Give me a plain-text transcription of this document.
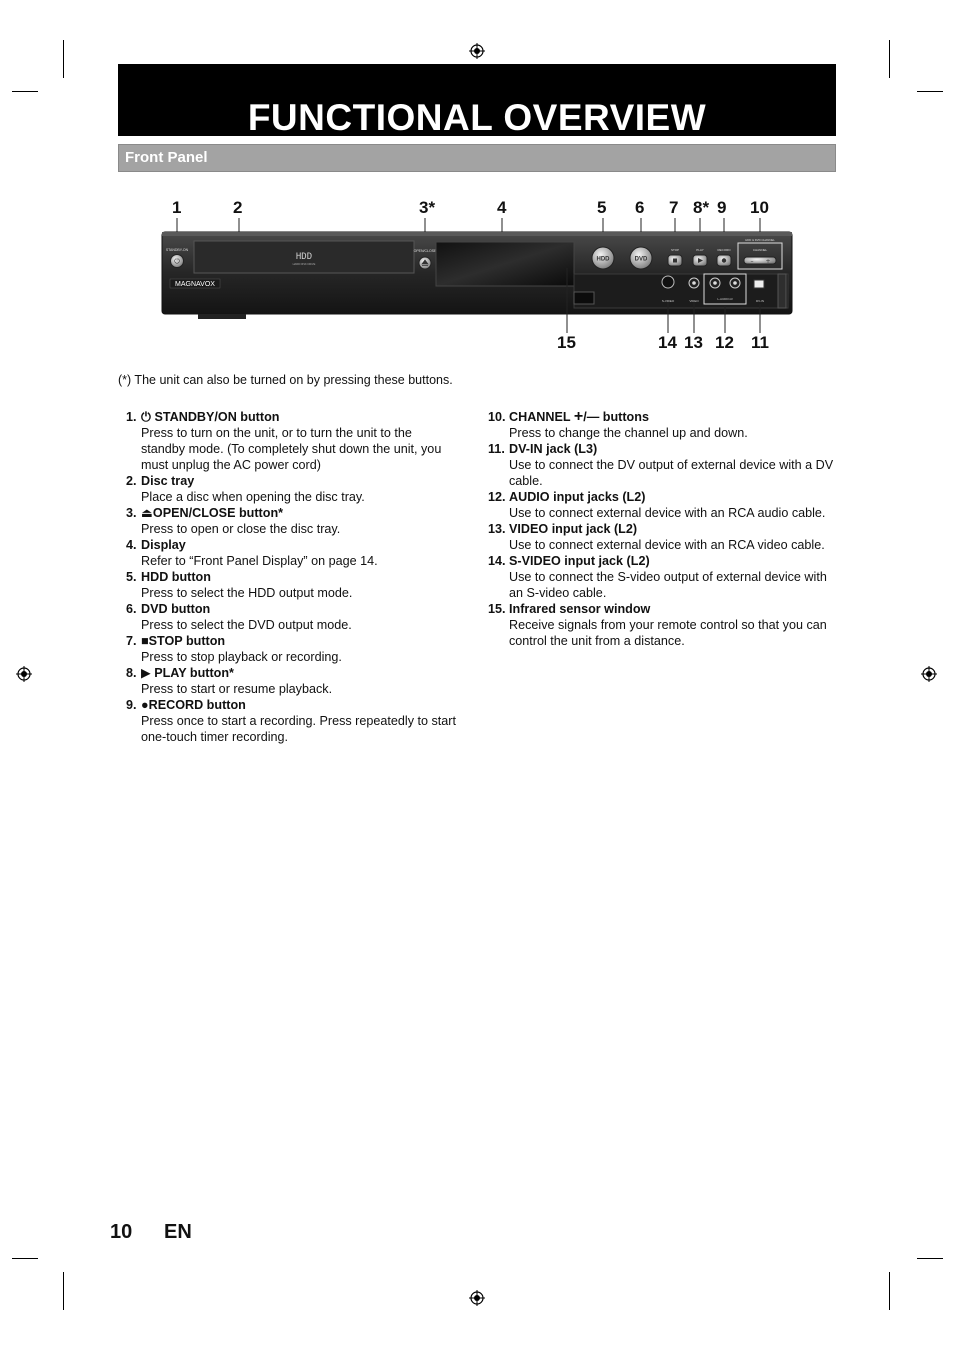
FUNCTIONAL OVERVIEW
Front Panel
1	2	3*	4	5 6 7 8* 9 10
15	14 13 12 11
STANDBY-ON
⏻	HDD
HARD DISK DRIVE
MAGNAVOX
OPEN/CLOSE
HDD	DVD
STOP	PLAY	RECORD
HDD & DVD CHANNEL
CHANNEL
– +
S-VIDEO	VIDEO	L-AUDIO-R	DV-IN
(*) The unit can also be turned on by pressing these buttons.
1. ⏻ STANDBY/ON button
Press to turn on the unit, or to turn the unit to the standby mode. (To completely shut down the unit, you must unplug the AC power cord)
2. Disc tray
Place a disc when opening the disc tray.
3. ⏏OPEN/CLOSE button*
Press to open or close the disc tray.
4. Display
Refer to “Front Panel Display” on page 14.
5. HDD button
Press to select the HDD output mode.
6. DVD button
Press to select the DVD output mode.
7. ■STOP button
Press to stop playback or recording.
8. ▶ PLAY button*
Press to start or resume playback.
9. ●RECORD button
Press once to start a recording. Press repeatedly to start one-touch timer recording.
10. CHANNEL +/— buttons
Press to change the channel up and down.
11. DV-IN jack (L3)
Use to connect the DV output of external device with a DV cable.
12. AUDIO input jacks (L2)
Use to connect external device with an RCA audio cable.
13. VIDEO input jack (L2)
Use to connect external device with an RCA video cable.
14. S-VIDEO input jack (L2)
Use to connect the S-video output of external device with an S-video cable.
15. Infrared sensor window
Receive signals from your remote control so that you can control the unit from a distance.
10 EN
